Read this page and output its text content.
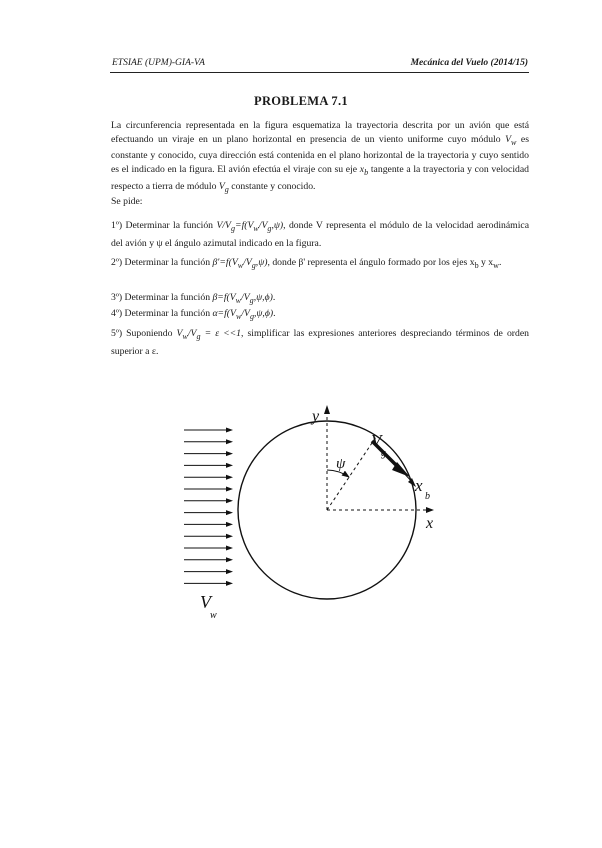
ETSIAE (UPM)-GIA-VA	Mecánica del Vuelo (2014/15)
PROBLEMA 7.1
La circunferencia representada en la figura esquematiza la trayectoria descrita por un avión que está efectuando un viraje en un plano horizontal en presencia de un viento uniforme cuyo módulo $V_w$ es constante y conocido, cuya dirección está contenida en el plano horizontal de la trayectoria y cuyo sentido es el indicado en la figura. El avión efectúa el viraje con su eje $x_b$ tangente a la trayectoria y con velocidad respecto a tierra de módulo $V_g$ constante y conocido.
Se pide:
1º) Determinar la función $V/V_g=f(V_w/V_g,\psi)$, donde V representa el módulo de la velocidad aerodinámica del avión y ψ el ángulo azimutal indicado en la figura.
2º) Determinar la función $\beta'=f(V_w/V_g,\psi)$, donde β' representa el ángulo formado por los ejes $x_b$ y $x_w$.
3º) Determinar la función $\beta=f(V_w/V_g,\psi,\phi)$.
4º) Determinar la función $\alpha=f(V_w/V_g,\psi,\phi)$.
5º) Suponiendo $V_w/V_g = \varepsilon <<1$, simplificar las expresiones anteriores despreciando términos de orden superior a ε.
y
x
ψ
V
g
x
b
V
w
